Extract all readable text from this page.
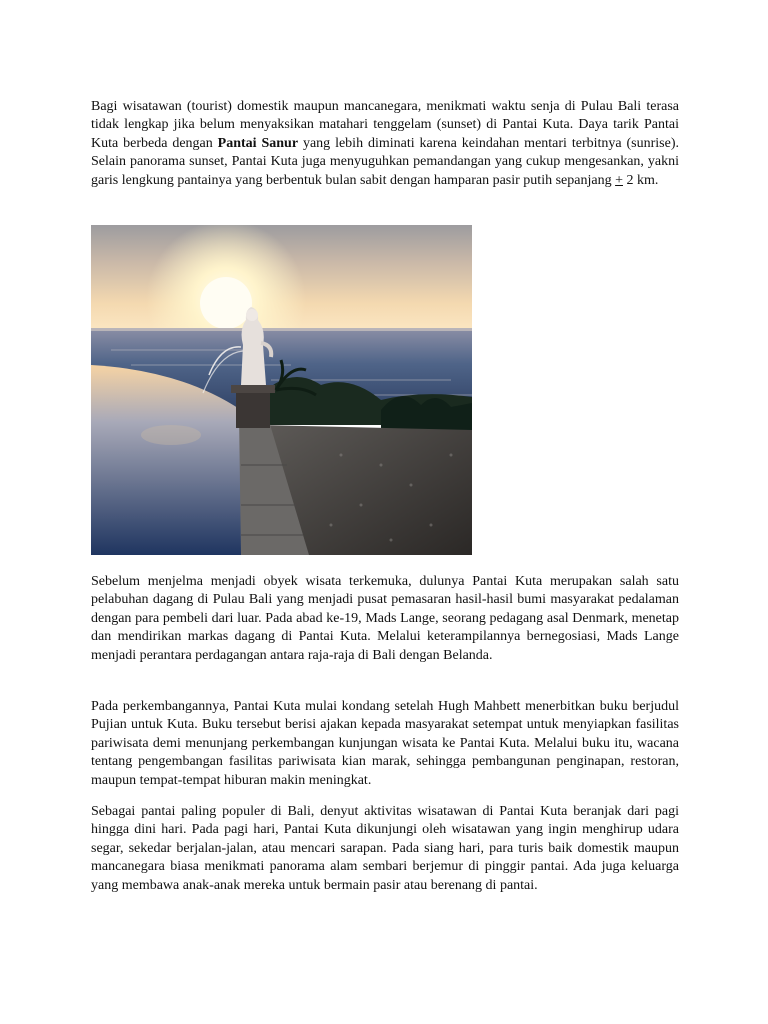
Bagi wisatawan (tourist) domestik maupun mancanegara, menikmati waktu senja di Pulau Bali terasa tidak lengkap jika belum menyaksikan matahari tenggelam (sunset) di Pantai Kuta. Daya tarik Pantai Kuta berbeda dengan Pantai Sanur yang lebih diminati karena keindahan mentari terbitnya (sunrise). Selain panorama sunset, Pantai Kuta juga menyuguhkan pemandangan yang cukup mengesankan, yakni garis lengkung pantainya yang berbentuk bulan sabit dengan hamparan pasir putih sepanjang + 2 km.

Sebelum menjelma menjadi obyek wisata terkemuka, dulunya Pantai Kuta merupakan salah satu pelabuhan dagang di Pulau Bali yang menjadi pusat pemasaran hasil-hasil bumi masyarakat pedalaman dengan para pembeli dari luar. Pada abad ke-19, Mads Lange, seorang pedagang asal Denmark, menetap dan mendirikan markas dagang di Pantai Kuta. Melalui keterampilannya bernegosiasi, Mads Lange menjadi perantara perdagangan antara raja-raja di Bali dengan Belanda.

Pada perkembangannya, Pantai Kuta mulai kondang setelah Hugh Mahbett menerbitkan buku berjudul Pujian untuk Kuta. Buku tersebut berisi ajakan kepada masyarakat setempat untuk menyiapkan fasilitas pariwisata demi menunjang perkembangan kunjungan wisata ke Pantai Kuta. Melalui buku itu, wacana tentang pengembangan fasilitas pariwisata kian marak, sehingga pembangunan penginapan, restoran, maupun tempat-tempat hiburan makin meningkat.

Sebagai pantai paling populer di Bali, denyut aktivitas wisatawan di Pantai Kuta beranjak dari pagi hingga dini hari. Pada pagi hari, Pantai Kuta dikunjungi oleh wisatawan yang ingin menghirup udara segar, sekedar berjalan-jalan, atau mencari sarapan. Pada siang hari, para turis baik domestik maupun mancanegara biasa menikmati panorama alam sembari berjemur di pinggir pantai. Ada juga keluarga yang membawa anak-anak mereka untuk bermain pasir atau berenang di pantai.
